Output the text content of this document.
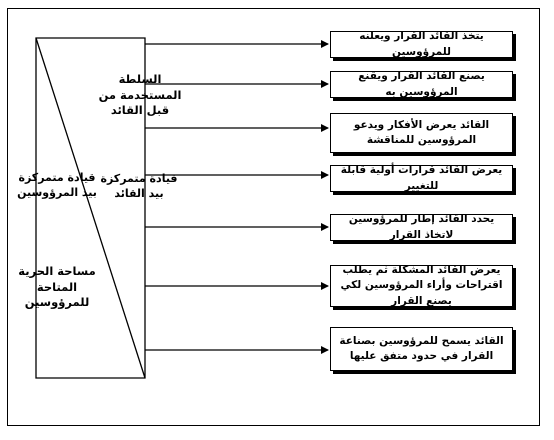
يتخذ القائد القرار ويعلنه للمرؤوسين
يصنع القائد القرار ويقنع المرؤوسين به
القائد يعرض الأفكار ويدعو المرؤوسين للمناقشة
يعرض القائد قرارات أولية قابلة للتغيير
يحدد القائد إطار للمرؤوسين لاتخاذ القرار
يعرض القائد المشكلة ثم يطلب اقتراحات وأراء المرؤوسين لكي يصنع القرار
القائد يسمح للمرؤوسين بصناعة القرار في حدود متفق عليها
السلطة المستخدمة من قبل القائد
قيادة متمركزة بيد القائد
قيادة متمركزة بيد المرؤوسين
مساحة الحرية المتاحة للمرؤوسين
